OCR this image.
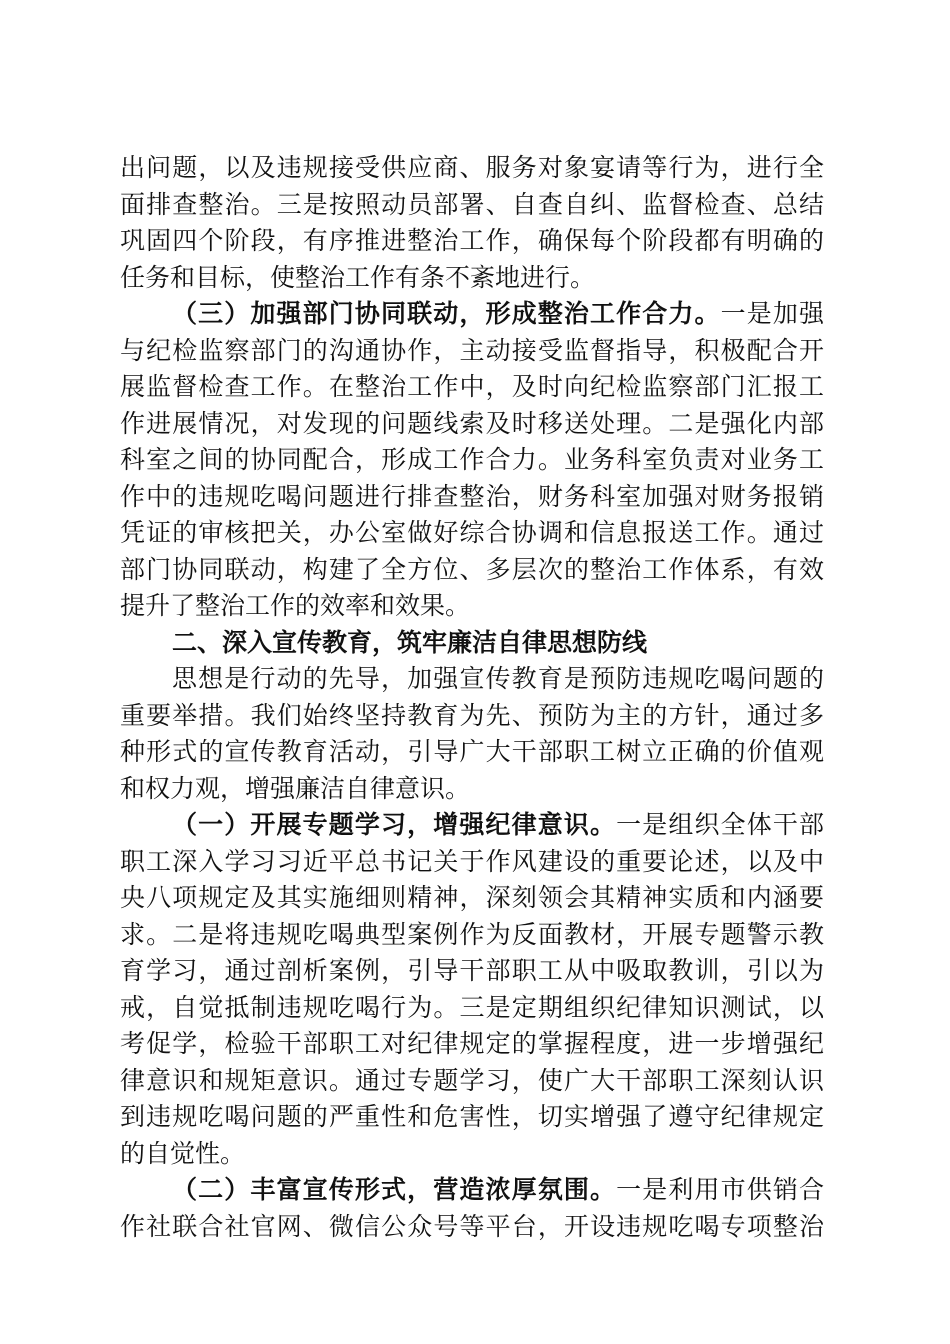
出问题，以及违规接受供应商、服务对象宴请等行为，进行全
面排查整治。三是按照动员部署、自查自纠、监督检查、总结
巩固四个阶段，有序推进整治工作，确保每个阶段都有明确的
任务和目标，使整治工作有条不紊地进行。
（三）加强部门协同联动，形成整治工作合力。一是加强
与纪检监察部门的沟通协作，主动接受监督指导，积极配合开
展监督检查工作。在整治工作中，及时向纪检监察部门汇报工
作进展情况，对发现的问题线索及时移送处理。二是强化内部
科室之间的协同配合，形成工作合力。业务科室负责对业务工
作中的违规吃喝问题进行排查整治，财务科室加强对财务报销
凭证的审核把关，办公室做好综合协调和信息报送工作。通过
部门协同联动，构建了全方位、多层次的整治工作体系，有效
提升了整治工作的效率和效果。
二、深入宣传教育，筑牢廉洁自律思想防线
思想是行动的先导，加强宣传教育是预防违规吃喝问题的
重要举措。我们始终坚持教育为先、预防为主的方针，通过多
种形式的宣传教育活动，引导广大干部职工树立正确的价值观
和权力观，增强廉洁自律意识。
（一）开展专题学习，增强纪律意识。一是组织全体干部
职工深入学习习近平总书记关于作风建设的重要论述，以及中
央八项规定及其实施细则精神，深刻领会其精神实质和内涵要
求。二是将违规吃喝典型案例作为反面教材，开展专题警示教
育学习，通过剖析案例，引导干部职工从中吸取教训，引以为
戒，自觉抵制违规吃喝行为。三是定期组织纪律知识测试，以
考促学，检验干部职工对纪律规定的掌握程度，进一步增强纪
律意识和规矩意识。通过专题学习，使广大干部职工深刻认识
到违规吃喝问题的严重性和危害性，切实增强了遵守纪律规定
的自觉性。
（二）丰富宣传形式，营造浓厚氛围。一是利用市供销合
作社联合社官网、微信公众号等平台，开设违规吃喝专项整治
